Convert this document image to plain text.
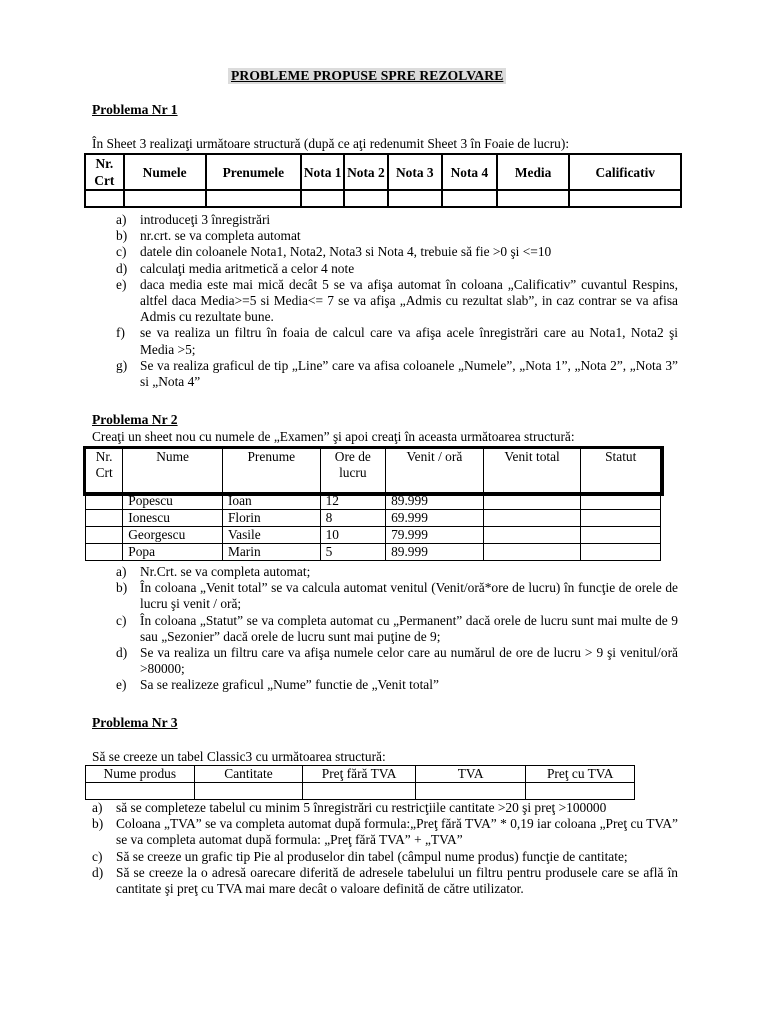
PROBLEME PROPUSE SPRE REZOLVARE
Problema Nr 1
În Sheet 3 realizaţi următoare structură (după ce aţi redenumit Sheet 3 în Foaie de lucru):
Nr. Crt	Numele	Prenumele	Nota 1	Nota 2	Nota 3	Nota 4	Media	Calificativ

a) introduceţi 3 înregistrări
b) nr.crt. se va completa automat
c) datele din coloanele Nota1, Nota2, Nota3 si Nota 4, trebuie să fie >0 şi <=10
d) calculaţi media aritmetică a celor 4 note
e) daca media este mai mică decât 5 se va afişa automat în coloana „Calificativ” cuvantul Respins, altfel daca Media>=5 si Media<= 7 se va afişa „Admis cu rezultat slab”, in caz contrar se va afisa Admis cu rezultate bune.
f) se va realiza un filtru în foaia de calcul care va afişa acele înregistrări care au Nota1, Nota2 şi Media >5;
g) Se va realiza graficul de tip „Line” care va afisa coloanele „Numele”, „Nota 1”, „Nota 2”, „Nota 3” si „Nota 4”
Problema Nr 2
Creaţi un sheet nou cu numele de „Examen” şi apoi creaţi în aceasta următoarea structură:
Nr. Crt	Nume	Prenume	Ore de lucru	Venit / oră	Venit total	Statut
	Popescu	Ioan	12	89.999		
	Ionescu	Florin	8	69.999		
	Georgescu	Vasile	10	79.999		
	Popa	Marin	5	89.999		
a) Nr.Crt. se va completa automat;
b) În coloana „Venit total” se va calcula automat venitul (Venit/oră*ore de lucru) în funcţie de orele de lucru şi venit / oră;
c) În coloana „Statut” se va completa automat cu „Permanent” dacă orele de lucru sunt mai multe de 9 sau „Sezonier” dacă orele de lucru sunt mai puţine de 9;
d) Se va realiza un filtru care va afişa numele celor care au numărul de ore de lucru > 9 şi venitul/oră >80000;
e) Sa se realizeze graficul „Nume” functie de „Venit total”
Problema Nr 3
Să se creeze un tabel Classic3 cu următoarea structură:
Nume produs	Cantitate	Preţ fără TVA	TVA	Preţ cu TVA

a) să se completeze tabelul cu minim 5 înregistrări cu restricţiile cantitate >20 şi preţ >100000
b) Coloana „TVA” se va completa automat după formula:„Preţ fără TVA” * 0,19 iar coloana „Preţ cu TVA” se va completa automat după formula: „Preţ fără TVA” + „TVA”
c) Să se creeze un grafic tip Pie al produselor din tabel (câmpul nume produs) funcţie de cantitate;
d) Să se creeze la o adresă oarecare diferită de adresele tabelului un filtru pentru produsele care se află în cantitate şi preţ cu TVA mai mare decât o valoare definită de către utilizator.
